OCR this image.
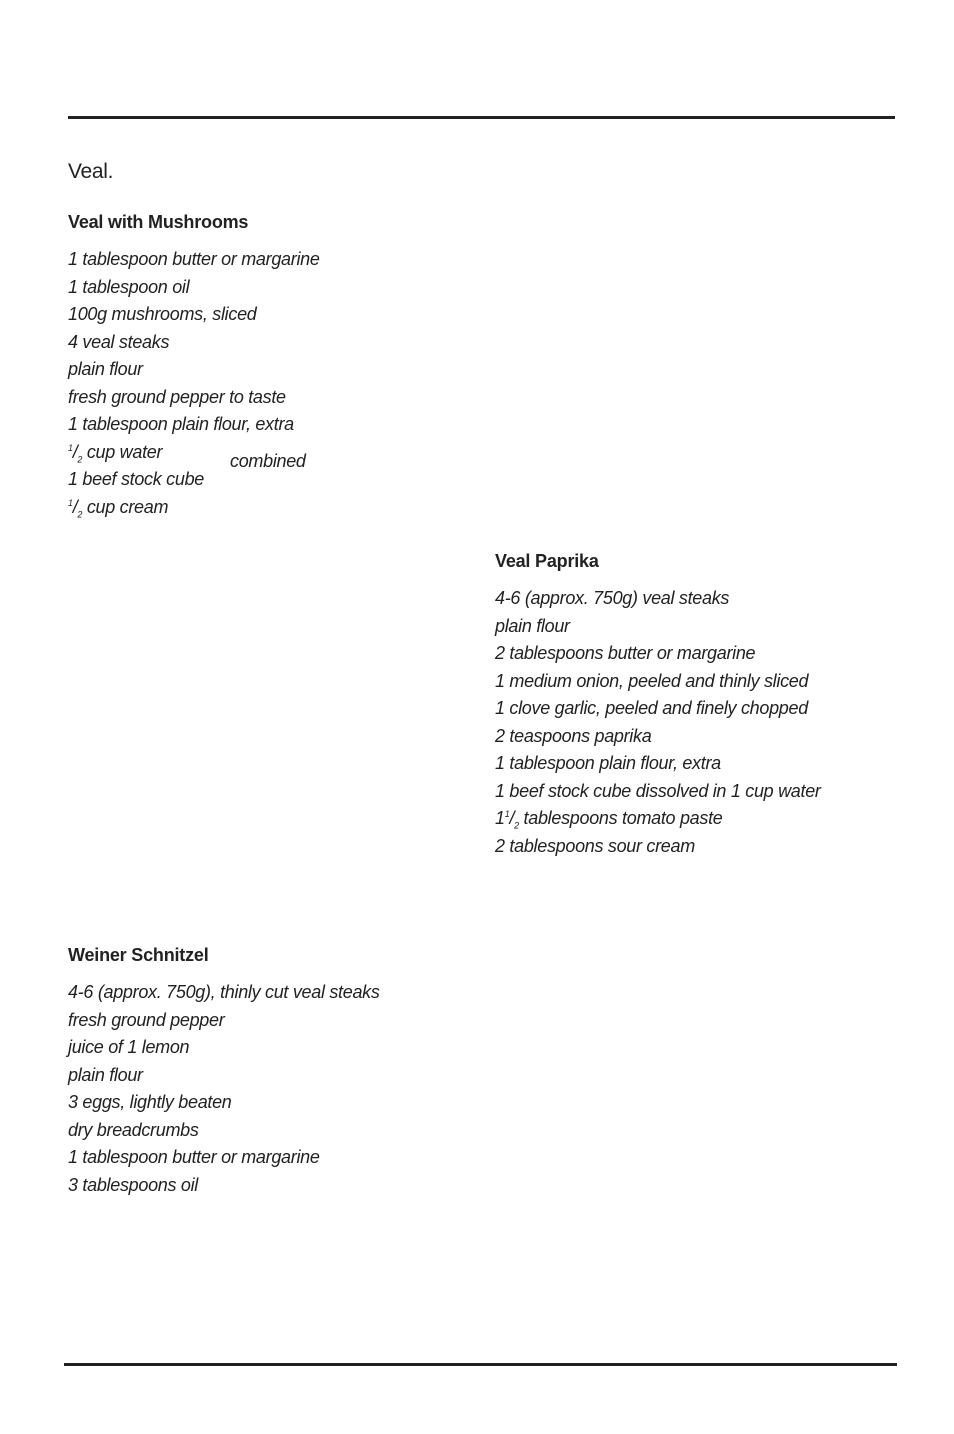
Veal.
Veal with Mushrooms
1 tablespoon butter or margarine
1 tablespoon oil
100g mushrooms, sliced
4 veal steaks
plain flour
fresh ground pepper to taste
1 tablespoon plain flour, extra
$^1/_2$ cup water
1 beef stock cube
$^1/_2$ cup cream
combined
Veal Paprika
4-6 (approx. 750g) veal steaks
plain flour
2 tablespoons butter or margarine
1 medium onion, peeled and thinly sliced
1 clove garlic, peeled and finely chopped
2 teaspoons paprika
1 tablespoon plain flour, extra
1 beef stock cube dissolved in 1 cup water
$1^1/_2$ tablespoons tomato paste
2 tablespoons sour cream
Weiner Schnitzel
4-6 (approx. 750g), thinly cut veal steaks
fresh ground pepper
juice of 1 lemon
plain flour
3 eggs, lightly beaten
dry breadcrumbs
1 tablespoon butter or margarine
3 tablespoons oil
